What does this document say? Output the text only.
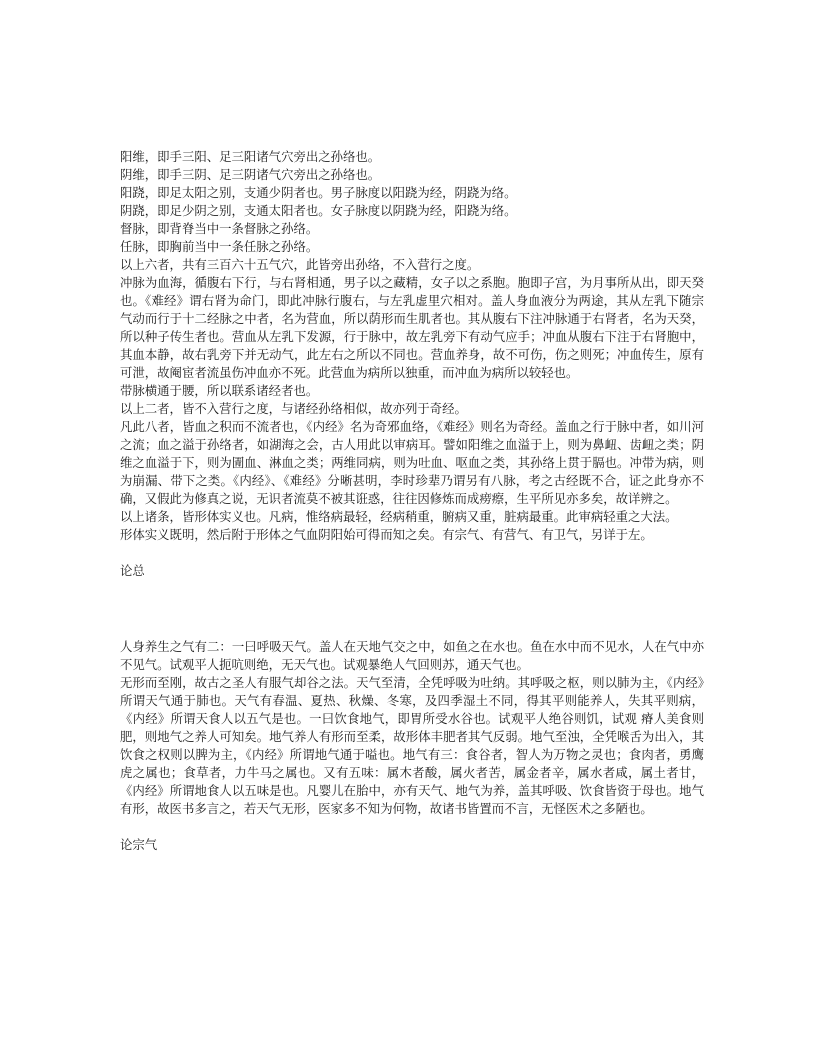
阳维，即手三阳、足三阳诸气穴旁出之孙络也。

阴维，即手三阴、足三阴诸气穴旁出之孙络也。

阳跷，即足太阳之别，支通少阴者也。男子脉度以阳跷为经，阴跷为络。

阴跷，即足少阴之别，支通太阳者也。女子脉度以阴跷为经，阳跷为络。

督脉，即背脊当中一条督脉之孙络。

任脉，即胸前当中一条任脉之孙络。

以上六者，共有三百六十五气穴，此皆旁出孙络，不入营行之度。

冲脉为血海，循腹右下行，与右肾相通，男子以之藏精，女子以之系胞。胞即子宫，为月事所从出，即天癸也。《难经》谓右肾为命门，即此冲脉行腹右，与左乳虚里穴相对。盖人身血液分为两途，其从左乳下随宗气动而行于十二经脉之中者，名为营血，所以荫形而生肌者也。其从腹右下注冲脉通于右肾者，名为天癸，所以种子传生者也。营血从左乳下发源，行于脉中，故左乳旁下有动气应手；冲血从腹右下注于右肾胞中，其血本静，故右乳旁下并无动气，此左右之所以不同也。营血养身，故不可伤，伤之则死；冲血传生，原有可泄，故阉宦者流虽伤冲血亦不死。此营血为病所以独重，而冲血为病所以较轻也。

带脉横通于腰，所以联系诸经者也。

以上二者，皆不入营行之度，与诸经孙络相似，故亦列于奇经。

凡此八者，皆血之积而不流者也，《内经》名为奇邪血络，《难经》则名为奇经。盖血之行于脉中者，如川河之流；血之溢于孙络者，如湖海之会，古人用此以审病耳。譬如阳维之血溢于上，则为鼻衄、齿衄之类；阴维之血溢于下，则为圊血、淋血之类；两维同病，则为吐血、呕血之类，其孙络上贯于膈也。冲带为病，则为崩漏、带下之类。《内经》、《难经》分晰甚明，李时珍辈乃谓另有八脉，考之古经既不合，证之此身亦不确，又假此为修真之说，无识者流莫不被其诳惑，往往因修炼而成痨瘵，生平所见亦多矣，故详辨之。

以上诸条，皆形体实义也。凡病，惟络病最轻，经病稍重，腑病又重，脏病最重。此审病轻重之大法。

形体实义既明，然后附于形体之气血阴阳始可得而知之矣。有宗气、有营气、有卫气，另详于左。

论总

人身养生之气有二：一曰呼吸天气。盖人在天地气交之中，如鱼之在水也。鱼在水中而不见水，人在气中亦不见气。试观平人扼吭则绝，无天气也。试观暴绝人气回则苏，通天气也。

无形而至刚，故古之圣人有服气却谷之法。天气至清，全凭呼吸为吐纳。其呼吸之枢，则以肺为主，《内经》所谓天气通于肺也。天气有春温、夏热、秋燥、冬寒，及四季湿土不同，得其平则能养人，失其平则病，《内经》所谓天食人以五气是也。一曰饮食地气，即胃所受水谷也。试观平人绝谷则饥，试观 瘠人美食则肥，则地气之养人可知矣。地气养人有形而至柔，故形体丰肥者其气反弱。地气至浊，全凭喉舌为出入，其饮食之权则以脾为主，《内经》所谓地气通于嗌也。地气有三：食谷者，智人为万物之灵也；食肉者，勇鹰虎之属也；食草者，力牛马之属也。又有五味：属木者酸，属火者苦，属金者辛，属水者咸，属土者甘，《内经》所谓地食人以五味是也。凡婴儿在胎中，亦有天气、地气为养，盖其呼吸、饮食皆资于母也。地气有形，故医书多言之，若天气无形，医家多不知为何物，故诸书皆置而不言，无怪医术之多陋也。

论宗气
